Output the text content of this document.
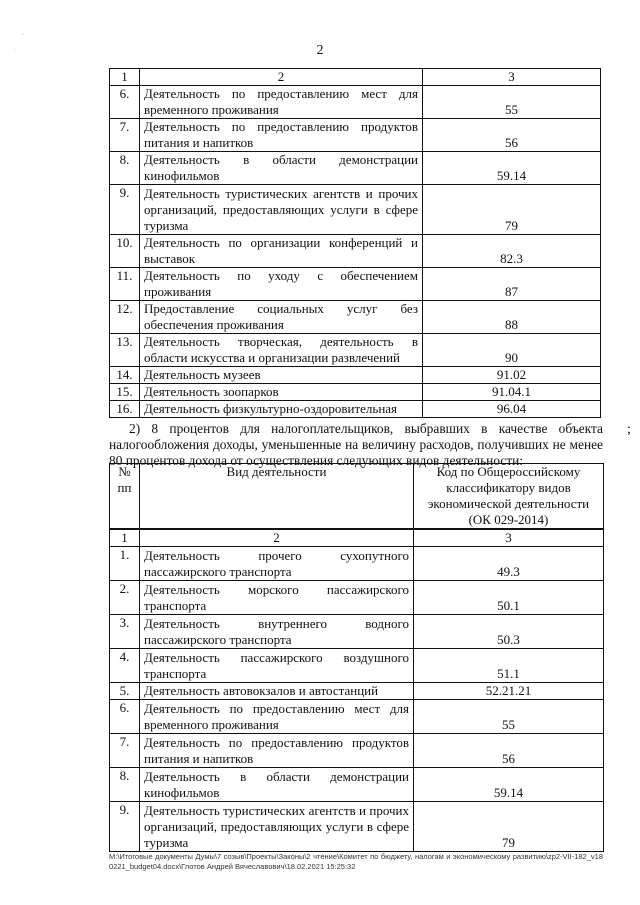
,
.	2
1	2	3
6.	Деятельность по предоставлению мест для временного проживания	55
7.	Деятельность по предоставлению продуктов питания и напитков	56
8.	Деятельность в области демонстрации кинофильмов	59.14
9.	Деятельность туристических агентств и прочих организаций, предоставляющих услуги в сфере туризма	79
10.	Деятельность по организации конференций и выставок	82.3
11.	Деятельность по уходу с обеспечением проживания	87
12.	Предоставление социальных услуг без обеспечения проживания	88
13.	Деятельность творческая, деятельность в области искусства и организации развлечений	90
14.	Деятельность музеев	91.02
15.	Деятельность зоопарков	91.04.1
16.	Деятельность физкультурно-оздоровительная	96.04
;

2) 8 процентов для налогоплательщиков, выбравших в качестве объекта налогообложения доходы, уменьшенные на величину расходов, получивших не менее 80 процентов дохода от осуществления следующих видов деятельности:

№ пп	Вид деятельности	Код по Общероссийскому классификатору видов экономической деятельности (ОК 029-2014)
1	2	3
1.	Деятельность прочего сухопутного пассажирского транспорта	49.3
2.	Деятельность морского пассажирского транспорта	50.1
3.	Деятельность внутреннего водного пассажирского транспорта	50.3
4.	Деятельность пассажирского воздушного транспорта	51.1
5.	Деятельность автовокзалов и автостанций	52.21.21
6.	Деятельность по предоставлению мест для временного проживания	55
7.	Деятельность по предоставлению продуктов питания и напитков	56
8.	Деятельность в области демонстрации кинофильмов	59.14
9.	Деятельность туристических агентств и прочих организаций, предоставляющих услуги в сфере туризма	79
M:\Итоговые документы Думы\7 созыв\Проекты\Законы\2 чтение\Комитет по бюджету, налогам и экономическому развитию\zp2-VII-182_v180221_budget04.docx\Глотов Андрей Вячеславович\18.02.2021 15:25:32
